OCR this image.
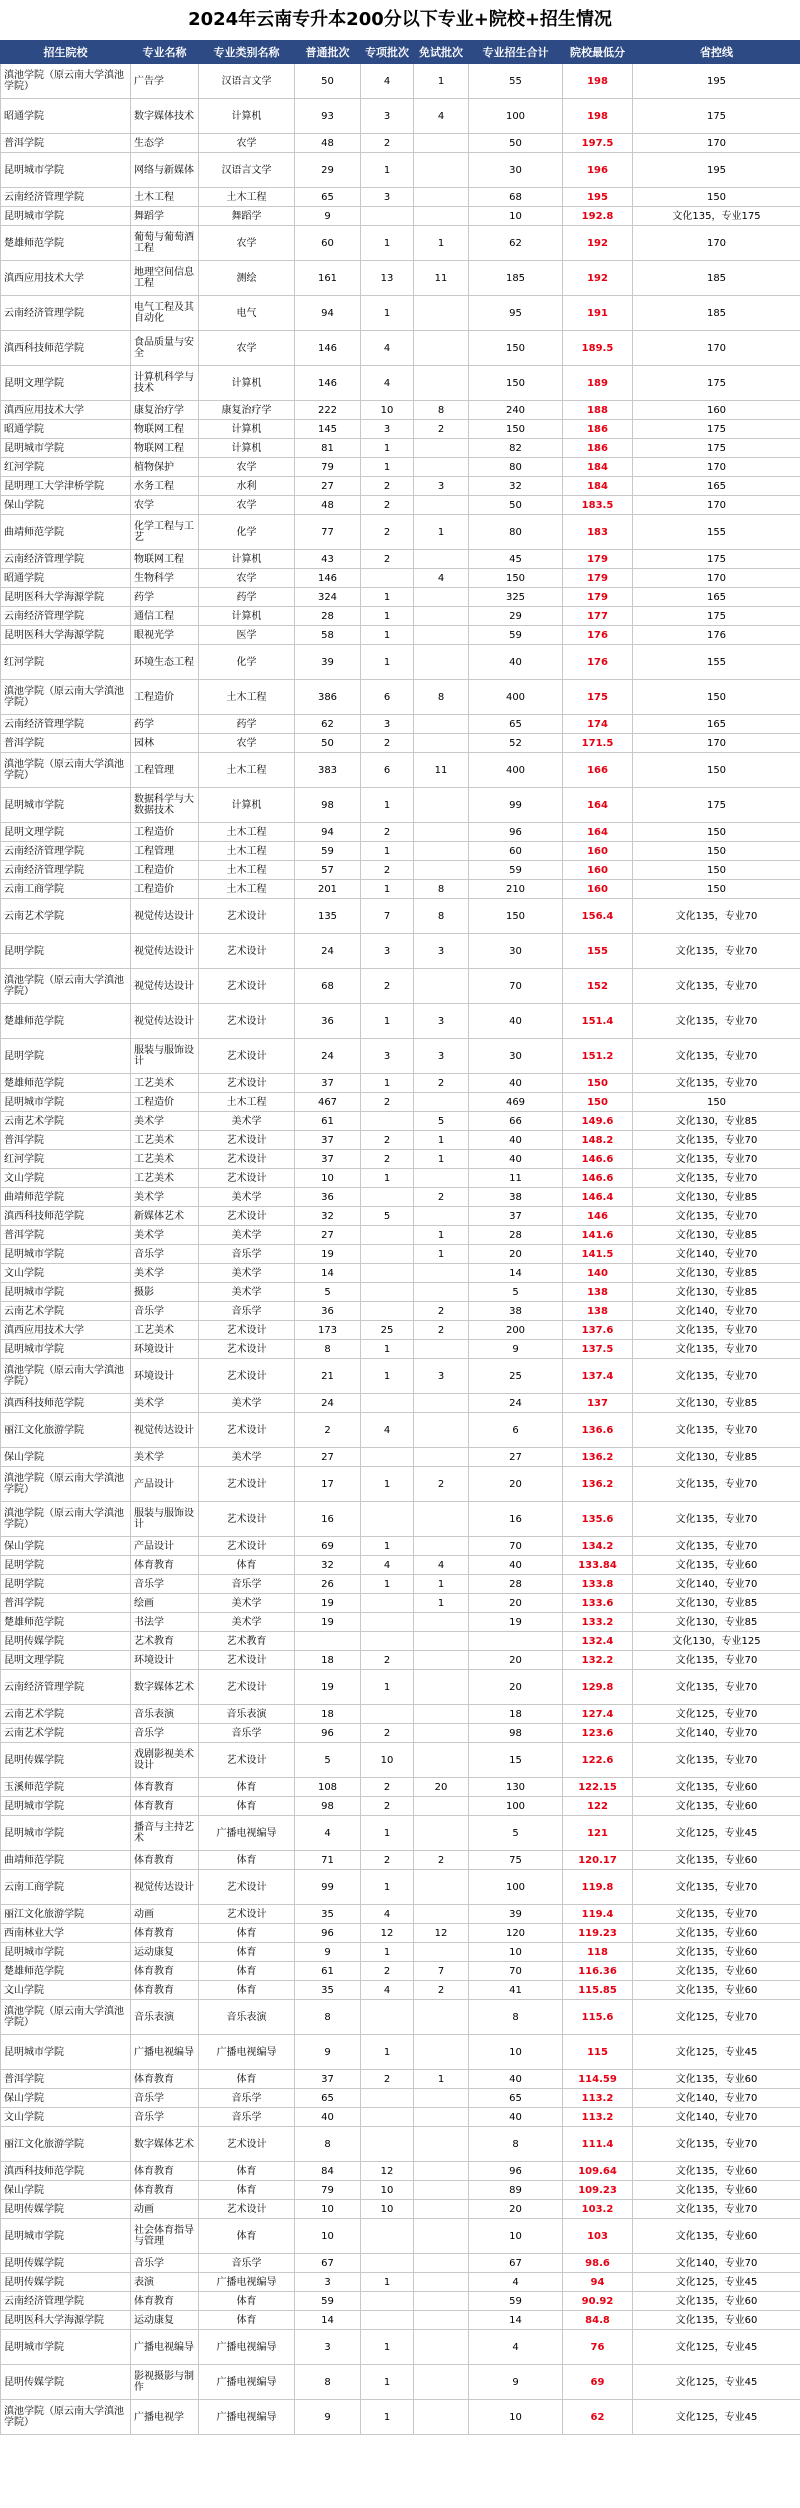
2024年云南专升本200分以下专业+院校+招生情况
招生院校	专业名称	专业类别名称	普通批次	专项批次	免试批次	专业招生合计	院校最低分	省控线
滇池学院（原云南大学滇池学院）	广告学	汉语言文学	50	4	1	55	198	195
昭通学院	数字媒体技术	计算机	93	3	4	100	198	175
普洱学院	生态学	农学	48	2		50	197.5	170
昆明城市学院	网络与新媒体	汉语言文学	29	1		30	196	195
云南经济管理学院	土木工程	土木工程	65	3		68	195	150
昆明城市学院	舞蹈学	舞蹈学	9			10	192.8	文化135，专业175
楚雄师范学院	葡萄与葡萄酒工程	农学	60	1	1	62	192	170
滇西应用技术大学	地理空间信息工程	测绘	161	13	11	185	192	185
云南经济管理学院	电气工程及其自动化	电气	94	1		95	191	185
滇西科技师范学院	食品质量与安全	农学	146	4		150	189.5	170
昆明文理学院	计算机科学与技术	计算机	146	4		150	189	175
滇西应用技术大学	康复治疗学	康复治疗学	222	10	8	240	188	160
昭通学院	物联网工程	计算机	145	3	2	150	186	175
昆明城市学院	物联网工程	计算机	81	1		82	186	175
红河学院	植物保护	农学	79	1		80	184	170
昆明理工大学津桥学院	水务工程	水利	27	2	3	32	184	165
保山学院	农学	农学	48	2		50	183.5	170
曲靖师范学院	化学工程与工艺	化学	77	2	1	80	183	155
云南经济管理学院	物联网工程	计算机	43	2		45	179	175
昭通学院	生物科学	农学	146		4	150	179	170
昆明医科大学海源学院	药学	药学	324	1		325	179	165
云南经济管理学院	通信工程	计算机	28	1		29	177	175
昆明医科大学海源学院	眼视光学	医学	58	1		59	176	176
红河学院	环境生态工程	化学	39	1		40	176	155
滇池学院（原云南大学滇池学院）	工程造价	土木工程	386	6	8	400	175	150
云南经济管理学院	药学	药学	62	3		65	174	165
普洱学院	园林	农学	50	2		52	171.5	170
滇池学院（原云南大学滇池学院）	工程管理	土木工程	383	6	11	400	166	150
昆明城市学院	数据科学与大数据技术	计算机	98	1		99	164	175
昆明文理学院	工程造价	土木工程	94	2		96	164	150
云南经济管理学院	工程管理	土木工程	59	1		60	160	150
云南经济管理学院	工程造价	土木工程	57	2		59	160	150
云南工商学院	工程造价	土木工程	201	1	8	210	160	150
云南艺术学院	视觉传达设计	艺术设计	135	7	8	150	156.4	文化135，专业70
昆明学院	视觉传达设计	艺术设计	24	3	3	30	155	文化135，专业70
滇池学院（原云南大学滇池学院）	视觉传达设计	艺术设计	68	2		70	152	文化135，专业70
楚雄师范学院	视觉传达设计	艺术设计	36	1	3	40	151.4	文化135，专业70
昆明学院	服装与服饰设计	艺术设计	24	3	3	30	151.2	文化135，专业70
楚雄师范学院	工艺美术	艺术设计	37	1	2	40	150	文化135，专业70
昆明城市学院	工程造价	土木工程	467	2		469	150	150
云南艺术学院	美术学	美术学	61		5	66	149.6	文化130，专业85
普洱学院	工艺美术	艺术设计	37	2	1	40	148.2	文化135，专业70
红河学院	工艺美术	艺术设计	37	2	1	40	146.6	文化135，专业70
文山学院	工艺美术	艺术设计	10	1		11	146.6	文化135，专业70
曲靖师范学院	美术学	美术学	36		2	38	146.4	文化130，专业85
滇西科技师范学院	新媒体艺术	艺术设计	32	5		37	146	文化135，专业70
普洱学院	美术学	美术学	27		1	28	141.6	文化130，专业85
昆明城市学院	音乐学	音乐学	19		1	20	141.5	文化140，专业70
文山学院	美术学	美术学	14			14	140	文化130，专业85
昆明城市学院	摄影	美术学	5			5	138	文化130，专业85
云南艺术学院	音乐学	音乐学	36		2	38	138	文化140，专业70
滇西应用技术大学	工艺美术	艺术设计	173	25	2	200	137.6	文化135，专业70
昆明城市学院	环境设计	艺术设计	8	1		9	137.5	文化135，专业70
滇池学院（原云南大学滇池学院）	环境设计	艺术设计	21	1	3	25	137.4	文化135，专业70
滇西科技师范学院	美术学	美术学	24			24	137	文化130，专业85
丽江文化旅游学院	视觉传达设计	艺术设计	2	4		6	136.6	文化135，专业70
保山学院	美术学	美术学	27			27	136.2	文化130，专业85
滇池学院（原云南大学滇池学院）	产品设计	艺术设计	17	1	2	20	136.2	文化135，专业70
滇池学院（原云南大学滇池学院）	服装与服饰设计	艺术设计	16			16	135.6	文化135，专业70
保山学院	产品设计	艺术设计	69	1		70	134.2	文化135，专业70
昆明学院	体育教育	体育	32	4	4	40	133.84	文化135，专业60
昆明学院	音乐学	音乐学	26	1	1	28	133.8	文化140，专业70
普洱学院	绘画	美术学	19		1	20	133.6	文化130，专业85
楚雄师范学院	书法学	美术学	19			19	133.2	文化130，专业85
昆明传媒学院	艺术教育	艺术教育					132.4	文化130，专业125
昆明文理学院	环境设计	艺术设计	18	2		20	132.2	文化135，专业70
云南经济管理学院	数字媒体艺术	艺术设计	19	1		20	129.8	文化135，专业70
云南艺术学院	音乐表演	音乐表演	18			18	127.4	文化125，专业70
云南艺术学院	音乐学	音乐学	96	2		98	123.6	文化140，专业70
昆明传媒学院	戏剧影视美术设计	艺术设计	5	10		15	122.6	文化135，专业70
玉溪师范学院	体育教育	体育	108	2	20	130	122.15	文化135，专业60
昆明城市学院	体育教育	体育	98	2		100	122	文化135，专业60
昆明城市学院	播音与主持艺术	广播电视编导	4	1		5	121	文化125，专业45
曲靖师范学院	体育教育	体育	71	2	2	75	120.17	文化135，专业60
云南工商学院	视觉传达设计	艺术设计	99	1		100	119.8	文化135，专业70
丽江文化旅游学院	动画	艺术设计	35	4		39	119.4	文化135，专业70
西南林业大学	体育教育	体育	96	12	12	120	119.23	文化135，专业60
昆明城市学院	运动康复	体育	9	1		10	118	文化135，专业60
楚雄师范学院	体育教育	体育	61	2	7	70	116.36	文化135，专业60
文山学院	体育教育	体育	35	4	2	41	115.85	文化135，专业60
滇池学院（原云南大学滇池学院）	音乐表演	音乐表演	8			8	115.6	文化125，专业70
昆明城市学院	广播电视编导	广播电视编导	9	1		10	115	文化125，专业45
普洱学院	体育教育	体育	37	2	1	40	114.59	文化135，专业60
保山学院	音乐学	音乐学	65			65	113.2	文化140，专业70
文山学院	音乐学	音乐学	40			40	113.2	文化140，专业70
丽江文化旅游学院	数字媒体艺术	艺术设计	8			8	111.4	文化135，专业70
滇西科技师范学院	体育教育	体育	84	12		96	109.64	文化135，专业60
保山学院	体育教育	体育	79	10		89	109.23	文化135，专业60
昆明传媒学院	动画	艺术设计	10	10		20	103.2	文化135，专业70
昆明城市学院	社会体育指导与管理	体育	10			10	103	文化135，专业60
昆明传媒学院	音乐学	音乐学	67			67	98.6	文化140，专业70
昆明传媒学院	表演	广播电视编导	3	1		4	94	文化125，专业45
云南经济管理学院	体育教育	体育	59			59	90.92	文化135，专业60
昆明医科大学海源学院	运动康复	体育	14			14	84.8	文化135，专业60
昆明城市学院	广播电视编导	广播电视编导	3	1		4	76	文化125，专业45
昆明传媒学院	影视摄影与制作	广播电视编导	8	1		9	69	文化125，专业45
滇池学院（原云南大学滇池学院）	广播电视学	广播电视编导	9	1		10	62	文化125，专业45
